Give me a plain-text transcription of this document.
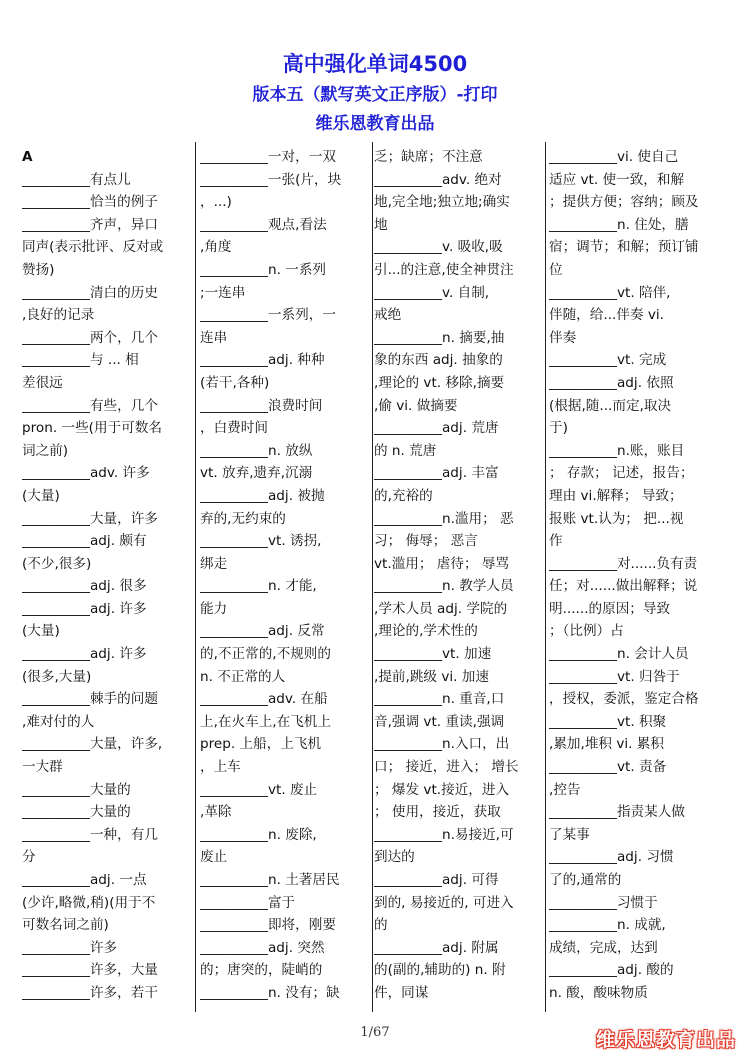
高中强化单词4500
版本五（默写英文正序版）-打印
维乐恩教育出品
A
__________有点儿
__________恰当的例子
__________齐声，异口
同声(表示批评、反对或
赞扬)
__________清白的历史
,良好的记录
__________两个，几个
__________与 ... 相
差很远
__________有些，几个
pron. 一些(用于可数名
词之前)
__________adv. 许多
(大量)
__________大量，许多
__________adj. 颇有
(不少,很多)
__________adj. 很多
__________adj. 许多
(大量)
__________adj. 许多
(很多,大量)
__________棘手的问题
,难对付的人
__________大量，许多,
一大群
__________大量的
__________大量的
__________一种，有几
分
__________adj. 一点
(少许,略微,稍)(用于不
可数名词之前)
__________许多
__________许多，大量
__________许多，若干
__________一对，一双
__________一张(片，块
，...)
__________观点,看法
,角度
__________n. 一系列
;一连串
__________一系列，一
连串
__________adj. 种种
(若干,各种)
__________浪费时间
，白费时间
__________n. 放纵
vt. 放弃,遗弃,沉溺
__________adj. 被抛
弃的,无约束的
__________vt. 诱拐,
绑走
__________n. 才能,
能力
__________adj. 反常
的,不正常的,不规则的
n. 不正常的人
__________adv. 在船
上,在火车上,在飞机上
prep. 上船，上飞机
，上车
__________vt. 废止
,革除
__________n. 废除,
废止
__________n. 土著居民
__________富于
__________即将，刚要
__________adj. 突然
的；唐突的，陡峭的
__________n. 没有；缺
乏；缺席；不注意
__________adv. 绝对
地,完全地;独立地;确实
地
__________v. 吸收,吸
引...的注意,使全神贯注
__________v. 自制,
戒绝
__________n. 摘要,抽
象的东西 adj. 抽象的
,理论的 vt. 移除,摘要
,偷 vi. 做摘要
__________adj. 荒唐
的 n. 荒唐
__________adj. 丰富
的,充裕的
__________n.滥用； 恶
习； 侮辱； 恶言
vt.滥用； 虐待； 辱骂
__________n. 教学人员
,学术人员 adj. 学院的
,理论的,学术性的
__________vt. 加速
,提前,跳级 vi. 加速
__________n. 重音,口
音,强调 vt. 重读,强调
__________n.入口，出
口； 接近，进入； 增长
； 爆发 vt.接近，进入
； 使用，接近，获取
__________n.易接近,可
到达的
__________adj. 可得
到的, 易接近的, 可进入
的
__________adj. 附属
的(副的,辅助的) n. 附
件，同谋
__________vi. 使自己
适应 vt. 使一致，和解
；提供方便；容纳；顾及
__________n. 住处，膳
宿；调节；和解；预订铺
位
__________vt. 陪伴,
伴随，给...伴奏 vi.
伴奏
__________vt. 完成
__________adj. 依照
(根据,随...而定,取决
于)
__________n.账，账目
； 存款； 记述，报告；
理由 vi.解释； 导致；
报账 vt.认为； 把...视
作
__________对......负有责
任；对......做出解释；说
明......的原因；导致
；（比例）占
__________n. 会计人员
__________vt. 归咎于
，授权，委派，鉴定合格
__________vt. 积聚
,累加,堆积 vi. 累积
__________vt. 责备
,控告
__________指责某人做
了某事
__________adj. 习惯
了的,通常的
__________习惯于
__________n. 成就,
成绩，完成，达到
__________adj. 酸的
n. 酸，酸味物质
1/67	维乐恩教育出品
